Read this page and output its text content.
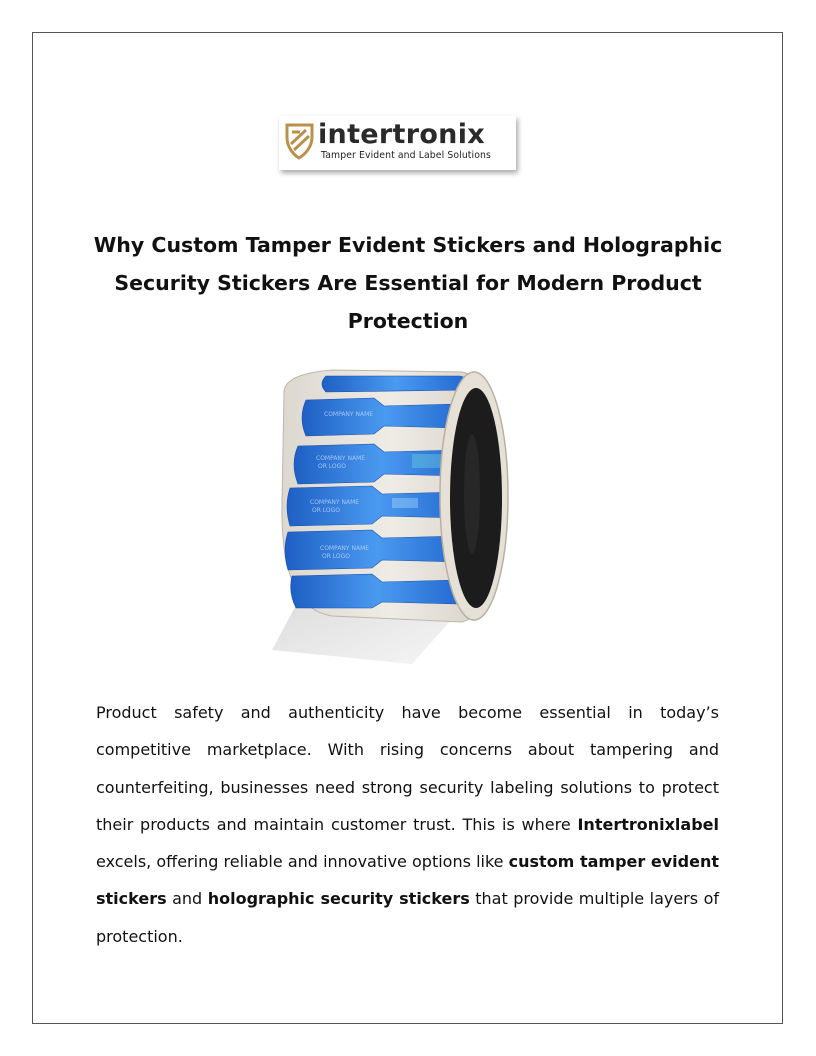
intertronix
Tamper Evident and Label Solutions
Why Custom Tamper Evident Stickers and Holographic Security Stickers Are Essential for Modern Product Protection
COMPANY NAME
COMPANY NAME
OR LOGO
COMPANY NAME
OR LOGO
COMPANY NAME
OR LOGO

Product safety and authenticity have become essential in today’s competitive marketplace. With rising concerns about tampering and counterfeiting, businesses need strong security labeling solutions to protect their products and maintain customer trust. This is where Intertronixlabel excels, offering reliable and innovative options like custom tamper evident stickers and holographic security stickers that provide multiple layers of protection.
